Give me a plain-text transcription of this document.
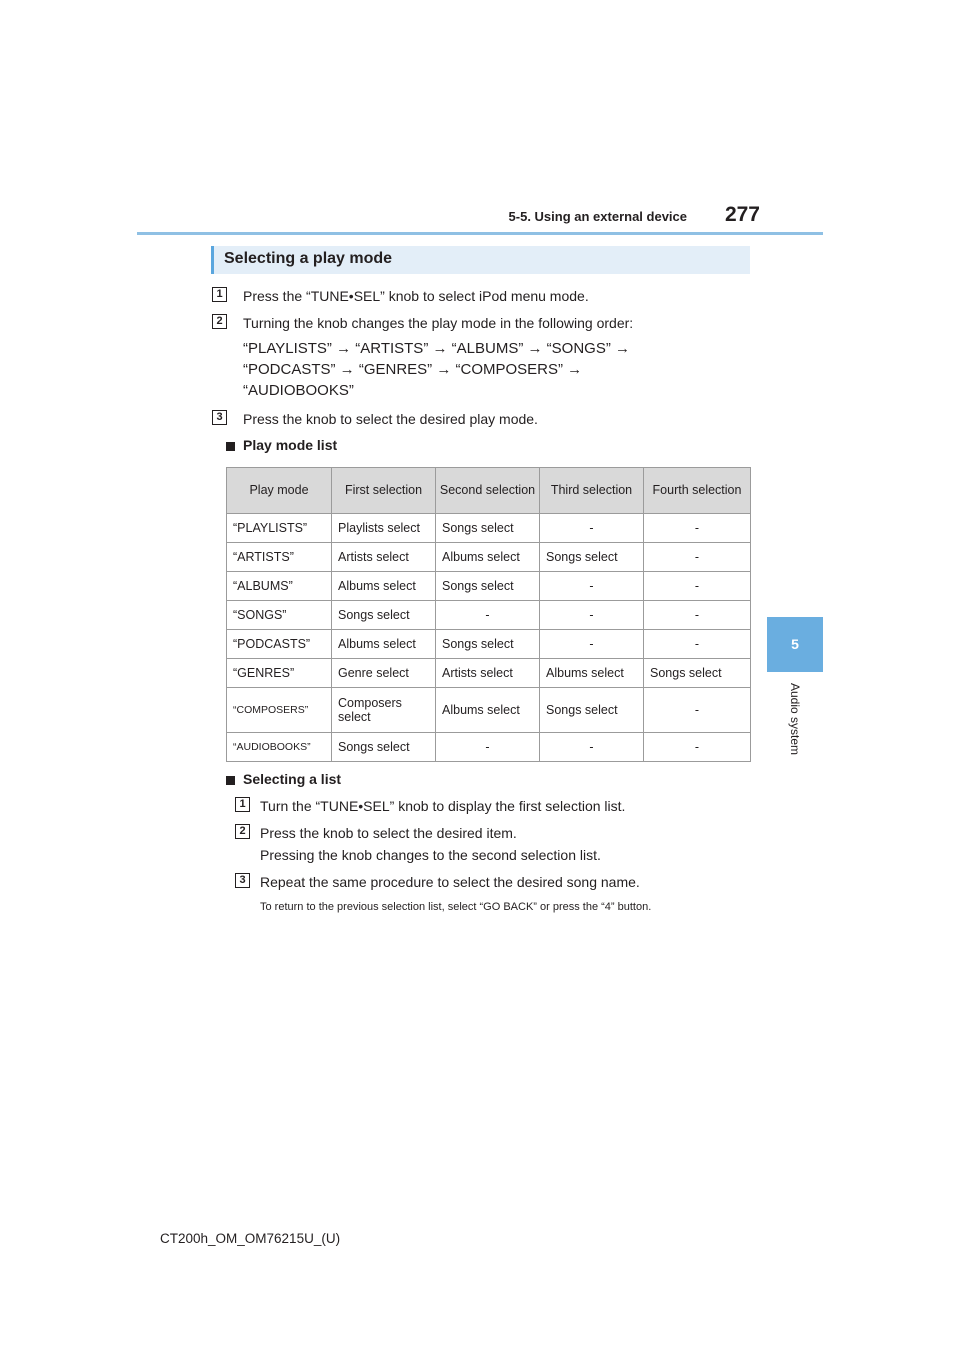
5-5. Using an external device	277
5
Audio system
Selecting a play mode
1	Press the “TUNE•SEL” knob to select iPod menu mode.
2	Turning the knob changes the play mode in the following order:
“PLAYLISTS” → “ARTISTS” → “ALBUMS” → “SONGS” →
“PODCASTS” → “GENRES” → “COMPOSERS” →
“AUDIOBOOKS”
3	Press the knob to select the desired play mode.
Play mode list
Play mode	First selection	Second selection	Third selection	Fourth selection
“PLAYLISTS”	Playlists select	Songs select	-	-
“ARTISTS”	Artists select	Albums select	Songs select	-
“ALBUMS”	Albums select	Songs select	-	-
“SONGS”	Songs select	-	-	-
“PODCASTS”	Albums select	Songs select	-	-
“GENRES”	Genre select	Artists select	Albums select	Songs select
“COMPOSERS”	Composers select	Albums select	Songs select	-
“AUDIOBOOKS”	Songs select	-	-	-
Selecting a list
1	Turn the “TUNE•SEL” knob to display the first selection list.
2	Press the knob to select the desired item.
Pressing the knob changes to the second selection list.
3	Repeat the same procedure to select the desired song name.
To return to the previous selection list, select “GO BACK” or press the “4” button.
CT200h_OM_OM76215U_(U)
